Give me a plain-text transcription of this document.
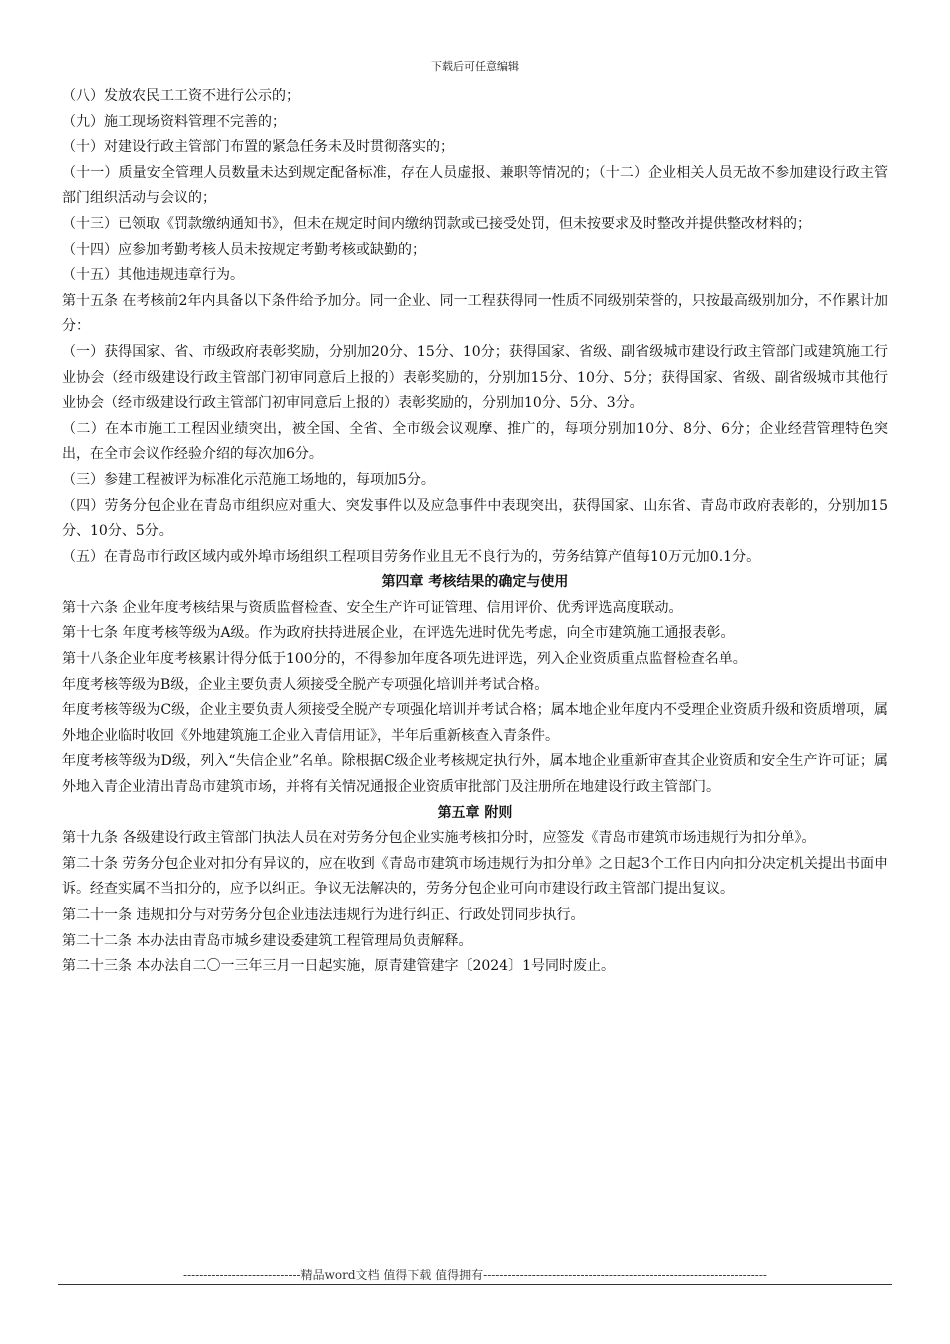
下载后可任意编辑

（八）发放农民工工资不进行公示的；

（九）施工现场资料管理不完善的；

（十）对建设行政主管部门布置的紧急任务未及时贯彻落实的；

（十一）质量安全管理人员数量未达到规定配备标准，存在人员虚报、兼职等情况的；（十二）企业相关人员无故不参加建设行政主管部门组织活动与会议的；

（十三）已领取《罚款缴纳通知书》，但未在规定时间内缴纳罚款或已接受处罚，但未按要求及时整改并提供整改材料的；

（十四）应参加考勤考核人员未按规定考勤考核或缺勤的；

（十五）其他违规违章行为。

第十五条 在考核前2年内具备以下条件给予加分。同一企业、同一工程获得同一性质不同级别荣誉的，只按最高级别加分，不作累计加分：

（一）获得国家、省、市级政府表彰奖励，分别加20分、15分、10分；获得国家、省级、副省级城市建设行政主管部门或建筑施工行业协会（经市级建设行政主管部门初审同意后上报的）表彰奖励的，分别加15分、10分、5分；获得国家、省级、副省级城市其他行业协会（经市级建设行政主管部门初审同意后上报的）表彰奖励的，分别加10分、5分、3分。

（二）在本市施工工程因业绩突出，被全国、全省、全市级会议观摩、推广的，每项分别加10分、8分、6分；企业经营管理特色突出，在全市会议作经验介绍的每次加6分。

（三）参建工程被评为标准化示范施工场地的，每项加5分。

（四）劳务分包企业在青岛市组织应对重大、突发事件以及应急事件中表现突出，获得国家、山东省、青岛市政府表彰的，分别加15分、10分、5分。

（五）在青岛市行政区域内或外埠市场组织工程项目劳务作业且无不良行为的，劳务结算产值每10万元加0.1分。

第四章 考核结果的确定与使用

第十六条 企业年度考核结果与资质监督检查、安全生产许可证管理、信用评价、优秀评选高度联动。

第十七条 年度考核等级为A级。作为政府扶持进展企业，在评选先进时优先考虑，向全市建筑施工通报表彰。

第十八条企业年度考核累计得分低于100分的，不得参加年度各项先进评选，列入企业资质重点监督检查名单。

年度考核等级为B级，企业主要负责人须接受全脱产专项强化培训并考试合格。

年度考核等级为C级，企业主要负责人须接受全脱产专项强化培训并考试合格；属本地企业年度内不受理企业资质升级和资质增项，属外地企业临时收回《外地建筑施工企业入青信用证》，半年后重新核查入青条件。

年度考核等级为D级，列入“失信企业”名单。除根据C级企业考核规定执行外，属本地企业重新审查其企业资质和安全生产许可证；属外地入青企业清出青岛市建筑市场，并将有关情况通报企业资质审批部门及注册所在地建设行政主管部门。

第五章 附则

第十九条 各级建设行政主管部门执法人员在对劳务分包企业实施考核扣分时，应签发《青岛市建筑市场违规行为扣分单》。

第二十条 劳务分包企业对扣分有异议的，应在收到《青岛市建筑市场违规行为扣分单》之日起3个工作日内向扣分决定机关提出书面申诉。经查实属不当扣分的，应予以纠正。争议无法解决的，劳务分包企业可向市建设行政主管部门提出复议。

第二十一条 违规扣分与对劳务分包企业违法违规行为进行纠正、行政处罚同步执行。

第二十二条 本办法由青岛市城乡建设委建筑工程管理局负责解释。

第二十三条 本办法自二〇一三年三月一日起实施，原青建管建字〔2024〕1号同时废止。

-----------------------------精品word文档 值得下载 值得拥有----------------------------------------------------------------------
